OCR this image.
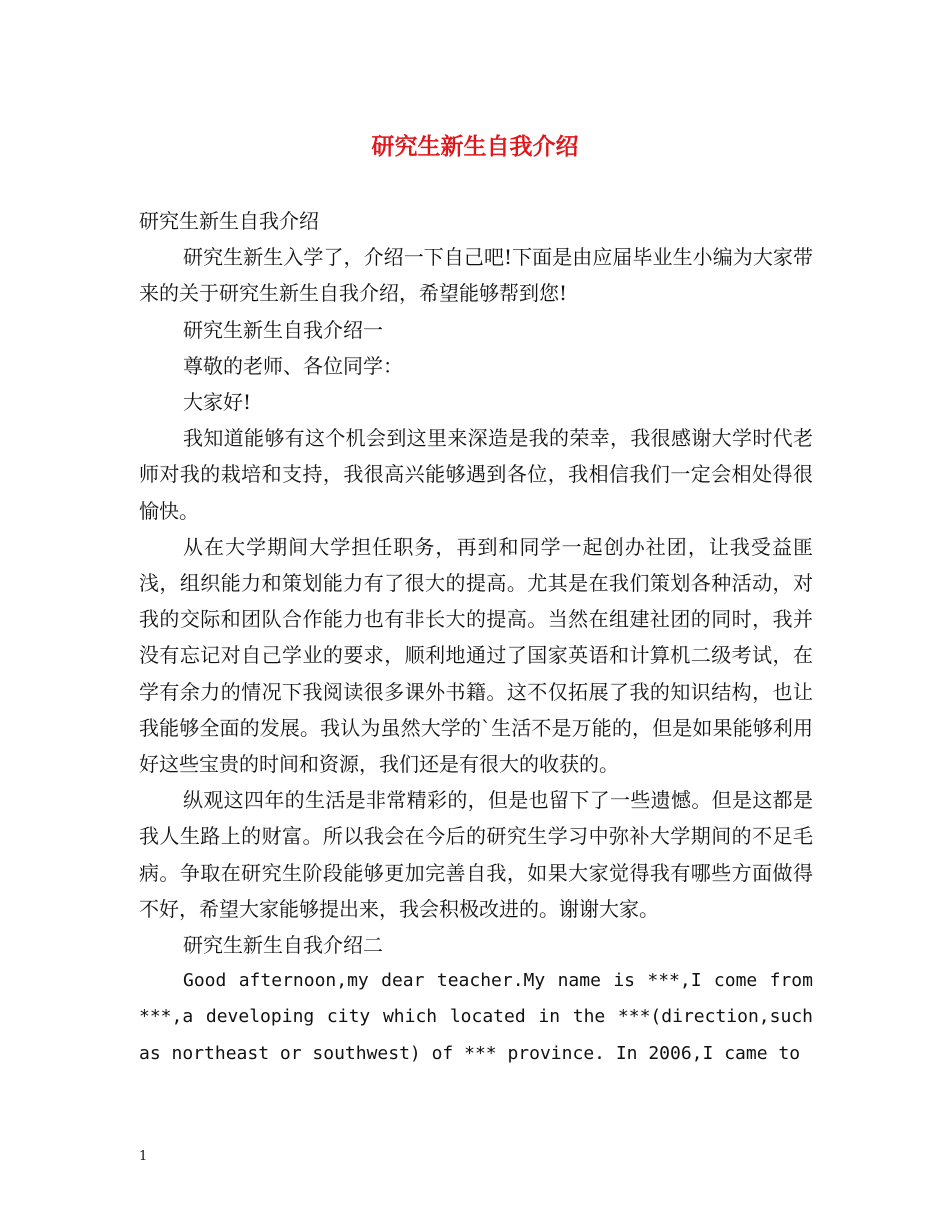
研究生新生自我介绍

研究生新生自我介绍

研究生新生入学了，介绍一下自己吧!下面是由应届毕业生小编为大家带来的关于研究生新生自我介绍，希望能够帮到您!

研究生新生自我介绍一

尊敬的老师、各位同学：

大家好!

我知道能够有这个机会到这里来深造是我的荣幸，我很感谢大学时代老师对我的栽培和支持，我很高兴能够遇到各位，我相信我们一定会相处得很愉快。

从在大学期间大学担任职务，再到和同学一起创办社团，让我受益匪浅，组织能力和策划能力有了很大的提高。尤其是在我们策划各种活动，对我的交际和团队合作能力也有非长大的提高。当然在组建社团的同时，我并没有忘记对自己学业的要求，顺利地通过了国家英语和计算机二级考试，在学有余力的情况下我阅读很多课外书籍。这不仅拓展了我的知识结构，也让我能够全面的发展。我认为虽然大学的`生活不是万能的，但是如果能够利用好这些宝贵的时间和资源，我们还是有很大的收获的。

纵观这四年的生活是非常精彩的，但是也留下了一些遗憾。但是这都是我人生路上的财富。所以我会在今后的研究生学习中弥补大学期间的不足毛病。争取在研究生阶段能够更加完善自我，如果大家觉得我有哪些方面做得不好，希望大家能够提出来，我会积极改进的。谢谢大家。

研究生新生自我介绍二

Good afternoon,my dear teacher.My name is ***,I come from ***,a developing city which located in the ***(direction,such as northeast or southwest) of *** province. In 2006,I came to

1
